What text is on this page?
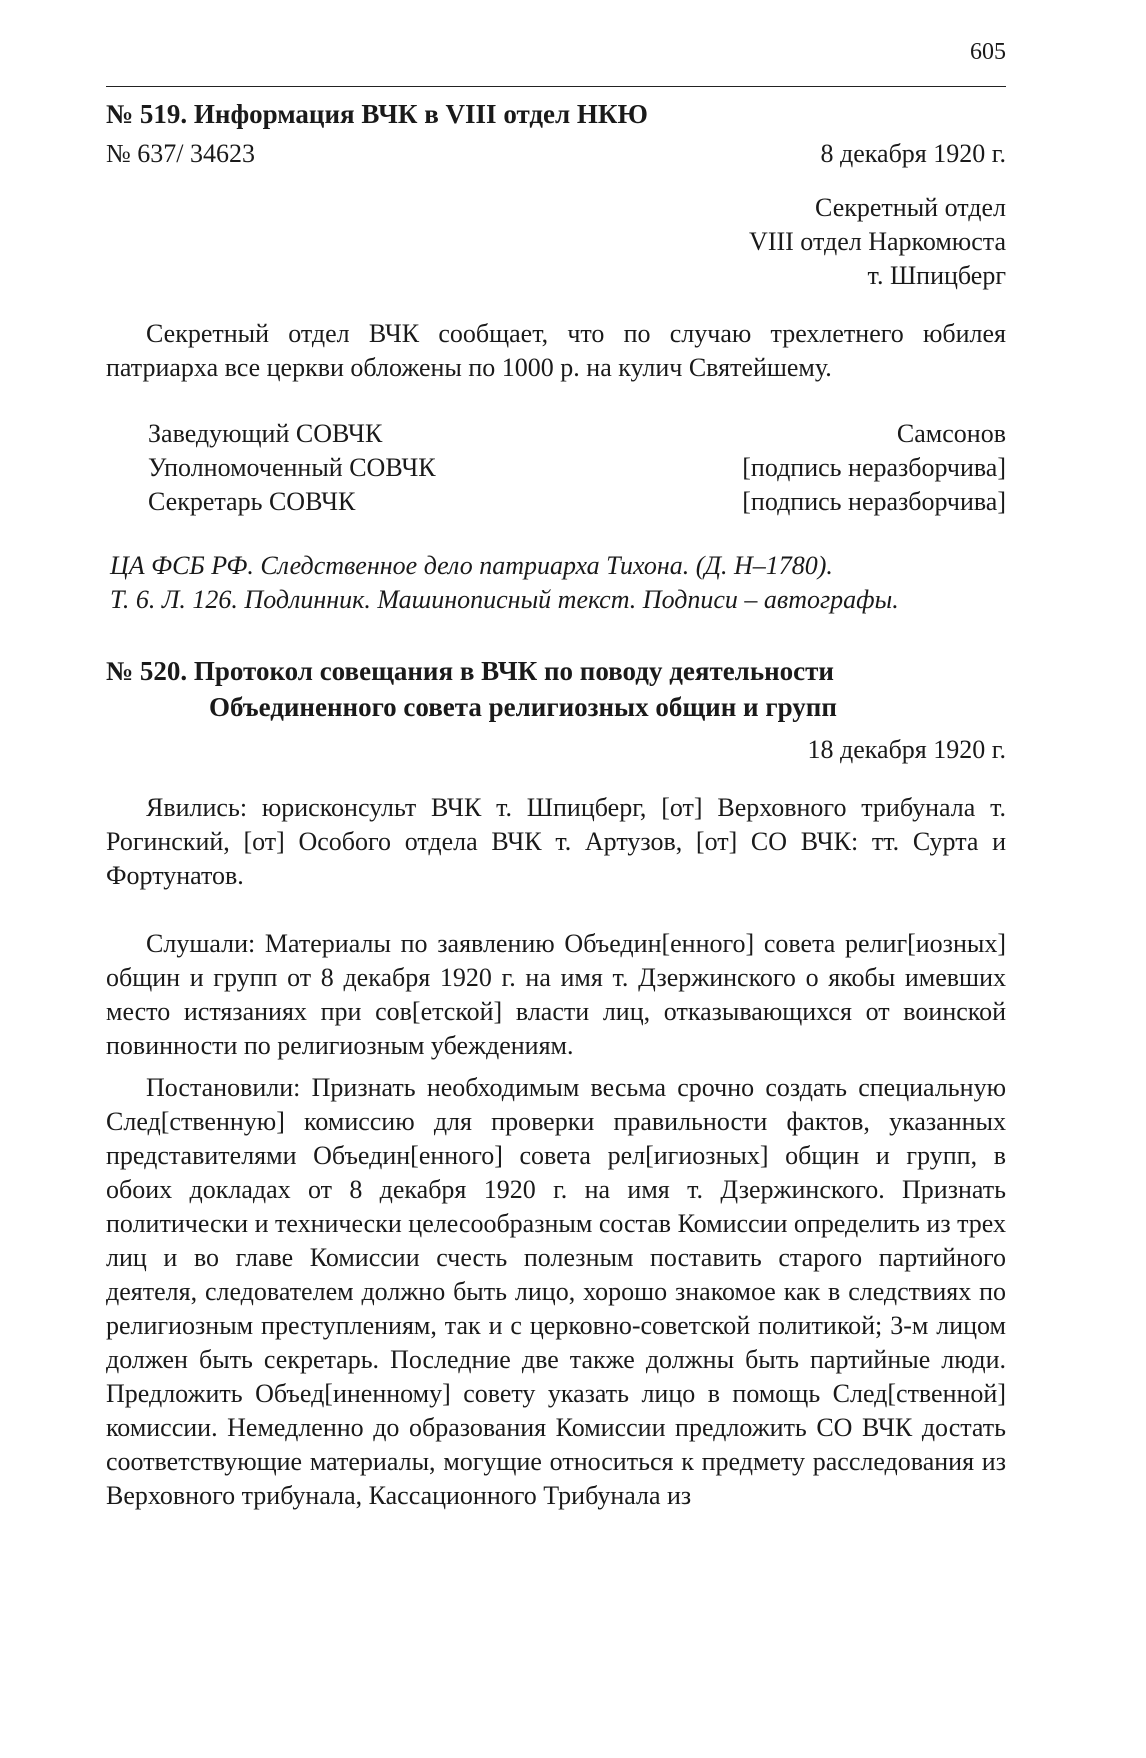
605
№ 519. Информация ВЧК в VIII отдел НКЮ
№ 637/ 34623	8 декабря 1920 г.
Секретный отдел
VIII отдел Наркомюста
т. Шпицберг

Секретный отдел ВЧК сообщает, что по случаю трехлетнего юбилея патриарха все церкви обложены по 1000 р. на кулич Святейшему.

Заведующий СОВЧК	Самсонов
Уполномоченный СОВЧК	[подпись неразборчива]
Секретарь СОВЧК	[подпись неразборчива]
ЦА ФСБ РФ. Следственное дело патриарха Тихона. (Д. Н–1780).
Т. 6. Л. 126. Подлинник. Машинописный текст. Подписи – автографы.
№ 520. Протокол совещания в ВЧК по поводу деятельности
Объединенного совета религиозных общин и групп
18 декабря 1920 г.

Явились: юрисконсульт ВЧК т. Шпицберг, [от] Верховного трибунала т. Рогинский, [от] Особого отдела ВЧК т. Артузов, [от] СО ВЧК: тт. Сурта и Фортунатов.

Слушали: Материалы по заявлению Объедин[енного] совета религ[иозных] общин и групп от 8 декабря 1920 г. на имя т. Дзержинского о якобы имевших место истязаниях при сов[етской] власти лиц, отказывающихся от воинской повинности по религиозным убеждениям.

Постановили: Признать необходимым весьма срочно создать специальную След[ственную] комиссию для проверки правильности фактов, указанных представителями Объедин[енного] совета рел[игиозных] общин и групп, в обоих докладах от 8 декабря 1920 г. на имя т. Дзержинского. Признать политически и технически целесообразным состав Комиссии определить из трех лиц и во главе Комиссии счесть полезным поставить старого партийного деятеля, следователем должно быть лицо, хорошо знакомое как в следствиях по религиозным преступлениям, так и с церковно-советской политикой; 3-м лицом должен быть секретарь. Последние две также должны быть партийные люди. Предложить Объед[иненному] совету указать лицо в помощь След[ственной] комиссии. Немедленно до образования Комиссии предложить СО ВЧК достать соответствующие материалы, могущие относиться к предмету расследования из Верховного трибунала, Кассационного Трибунала из
